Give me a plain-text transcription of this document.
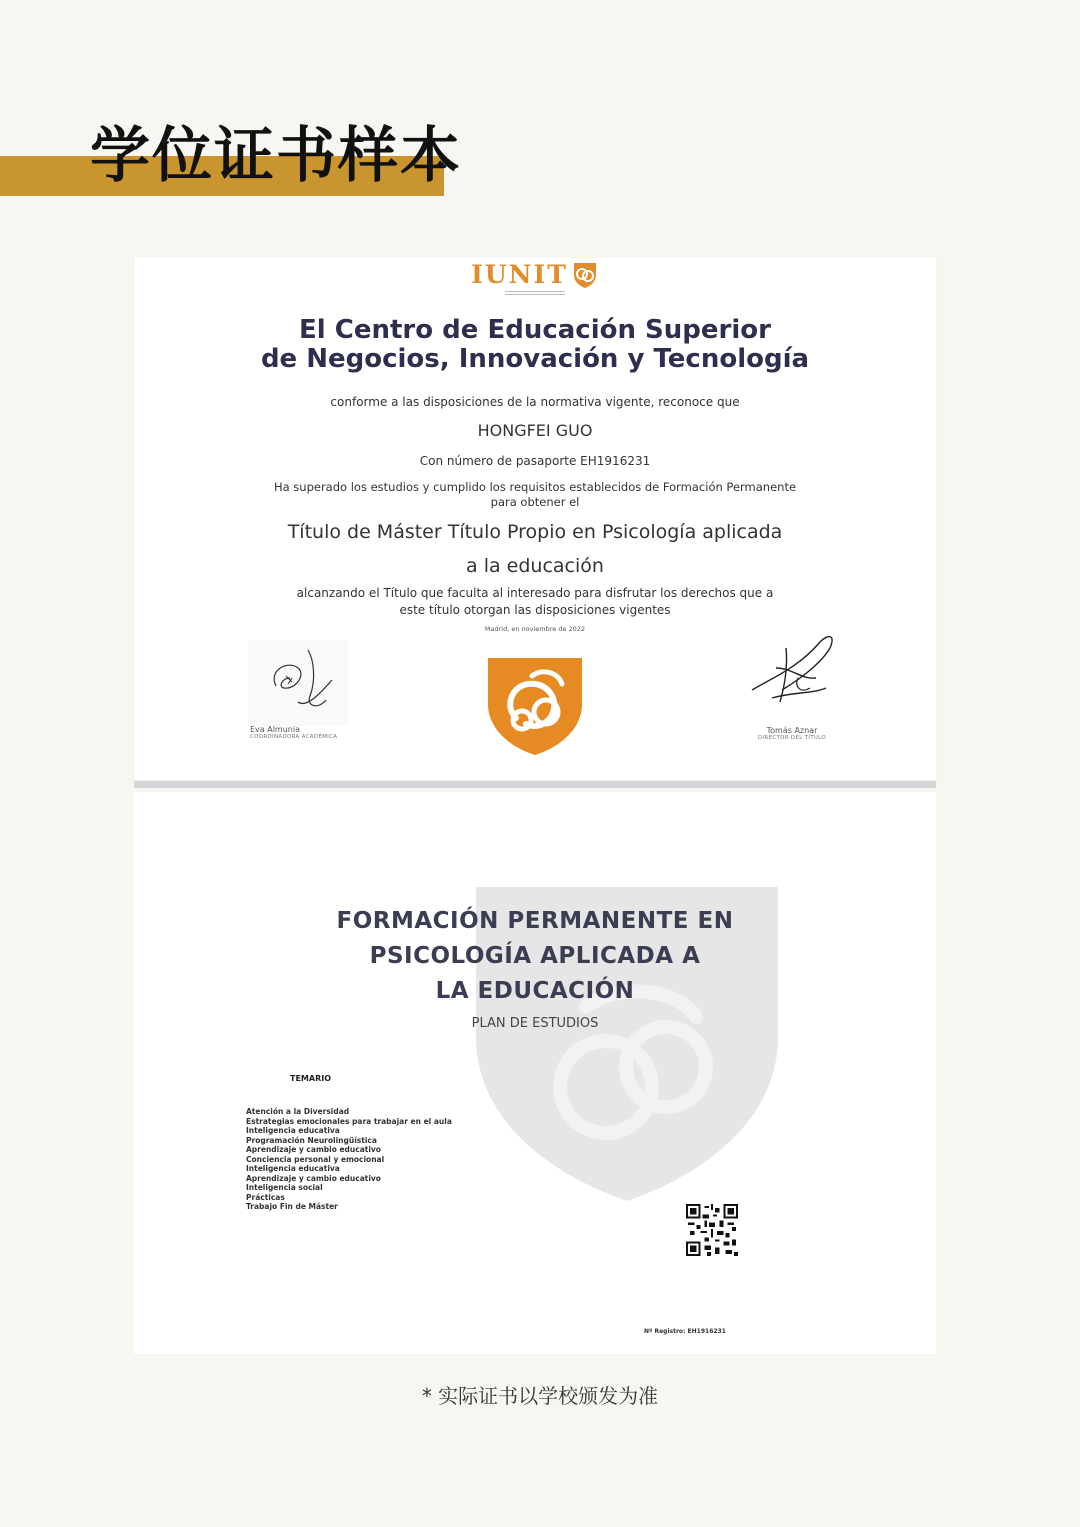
学位证书样本
IUNIT
El Centro de Educación Superior
de Negocios, Innovación y Tecnología
conforme a las disposiciones de la normativa vigente, reconoce que
HONGFEI GUO
Con número de pasaporte EH1916231
Ha superado los estudios y cumplido los requisitos establecidos de Formación Permanente
para obtener el
Título de Máster Título Propio en Psicología aplicada
a la educación
alcanzando el Título que faculta al interesado para disfrutar los derechos que a
este título otorgan las disposiciones vigentes
Madrid, en noviembre de 2022
Eva Almunia
COORDINADORA ACADÉMICA
Tomás Aznar
DIRECTOR DEL TÍTULO
FORMACIÓN PERMANENTE EN
PSICOLOGÍA APLICADA A
LA EDUCACIÓN
PLAN DE ESTUDIOS
TEMARIO
Atención a la Diversidad
Estrategias emocionales para trabajar en el aula
Inteligencia educativa
Programación Neurolingüística
Aprendizaje y cambio educativo
Conciencia personal y emocional
Inteligencia educativa
Aprendizaje y cambio educativo
Inteligencia social
Prácticas
Trabajo Fin de Máster
Nº Registro: EH1916231
* 实际证书以学校颁发为准
